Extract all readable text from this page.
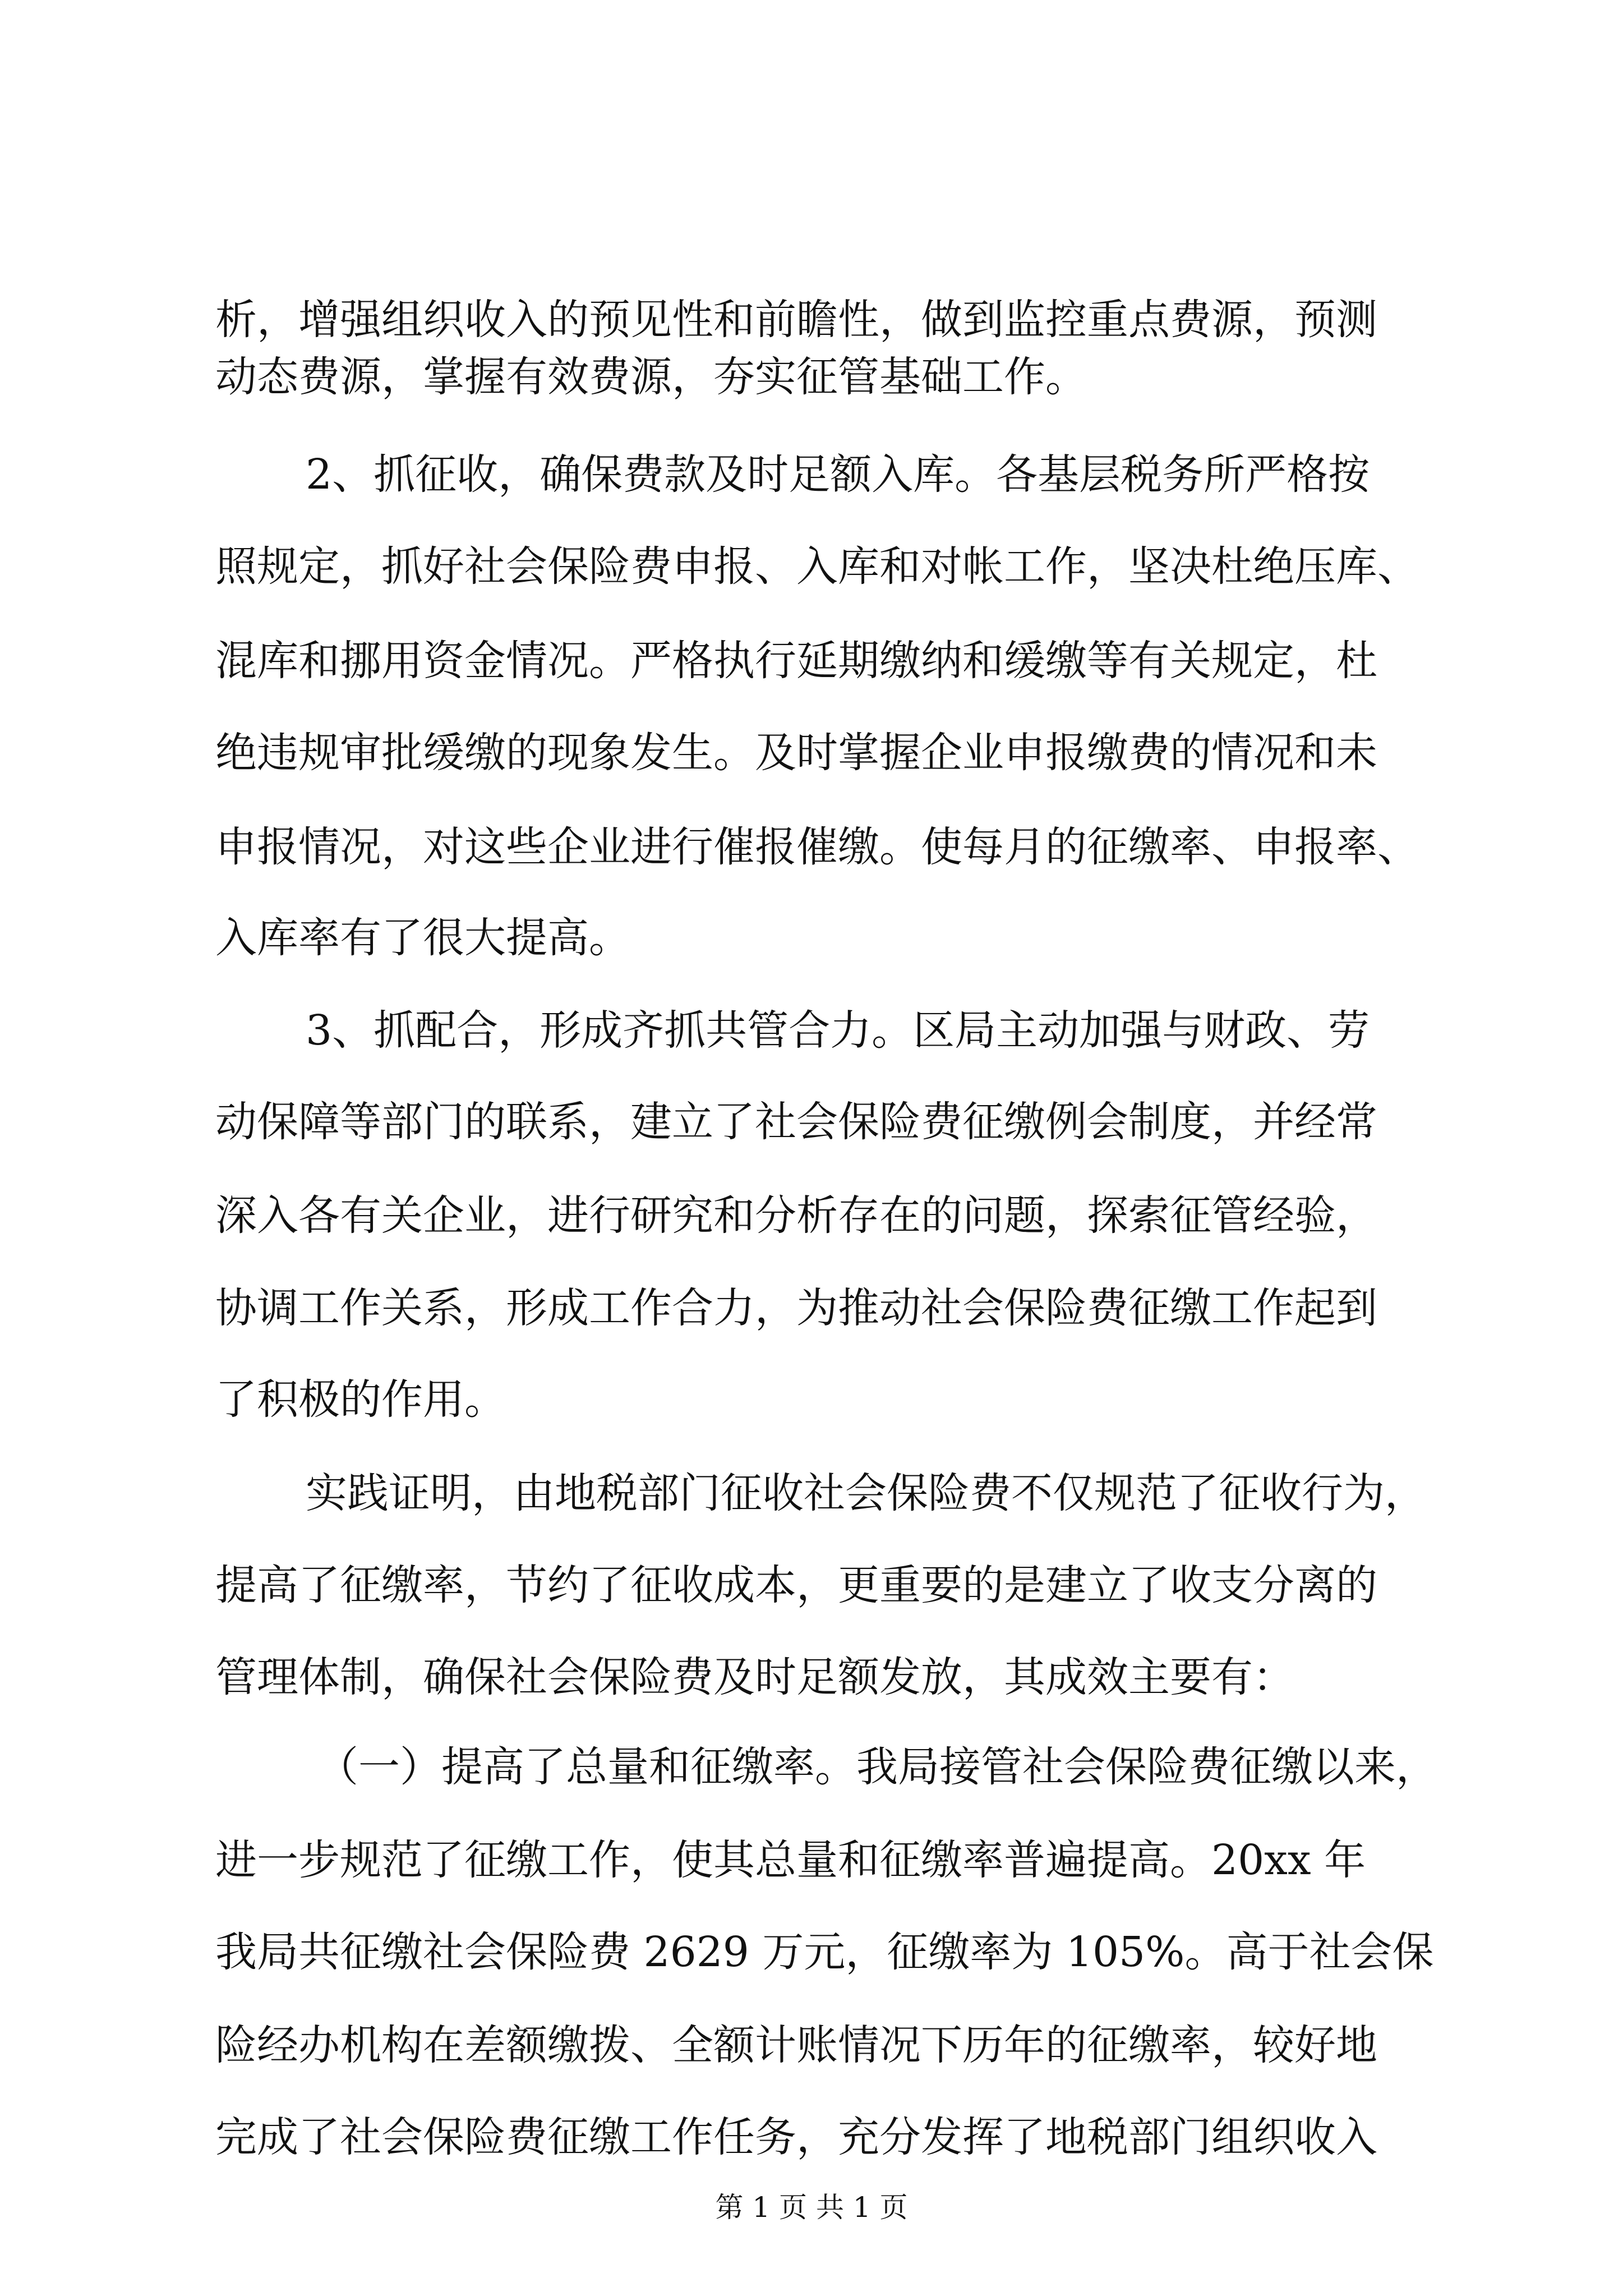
析，增强组织收入的预见性和前瞻性，做到监控重点费源，预测
动态费源，掌握有效费源，夯实征管基础工作。
2、抓征收，确保费款及时足额入库。各基层税务所严格按
照规定，抓好社会保险费申报、入库和对帐工作，坚决杜绝压库、
混库和挪用资金情况。严格执行延期缴纳和缓缴等有关规定，杜
绝违规审批缓缴的现象发生。及时掌握企业申报缴费的情况和未
申报情况，对这些企业进行催报催缴。使每月的征缴率、申报率、
入库率有了很大提高。
3、抓配合，形成齐抓共管合力。区局主动加强与财政、劳
动保障等部门的联系，建立了社会保险费征缴例会制度，并经常
深入各有关企业，进行研究和分析存在的问题，探索征管经验，
协调工作关系，形成工作合力，为推动社会保险费征缴工作起到
了积极的作用。
实践证明，由地税部门征收社会保险费不仅规范了征收行为，
提高了征缴率，节约了征收成本，更重要的是建立了收支分离的
管理体制，确保社会保险费及时足额发放，其成效主要有：
（一）提高了总量和征缴率。我局接管社会保险费征缴以来，
进一步规范了征缴工作，使其总量和征缴率普遍提高。20xx 年
我局共征缴社会保险费 2629 万元，征缴率为 105%。高于社会保
险经办机构在差额缴拨、全额计账情况下历年的征缴率，较好地
完成了社会保险费征缴工作任务，充分发挥了地税部门组织收入
第 1 页 共 1 页
